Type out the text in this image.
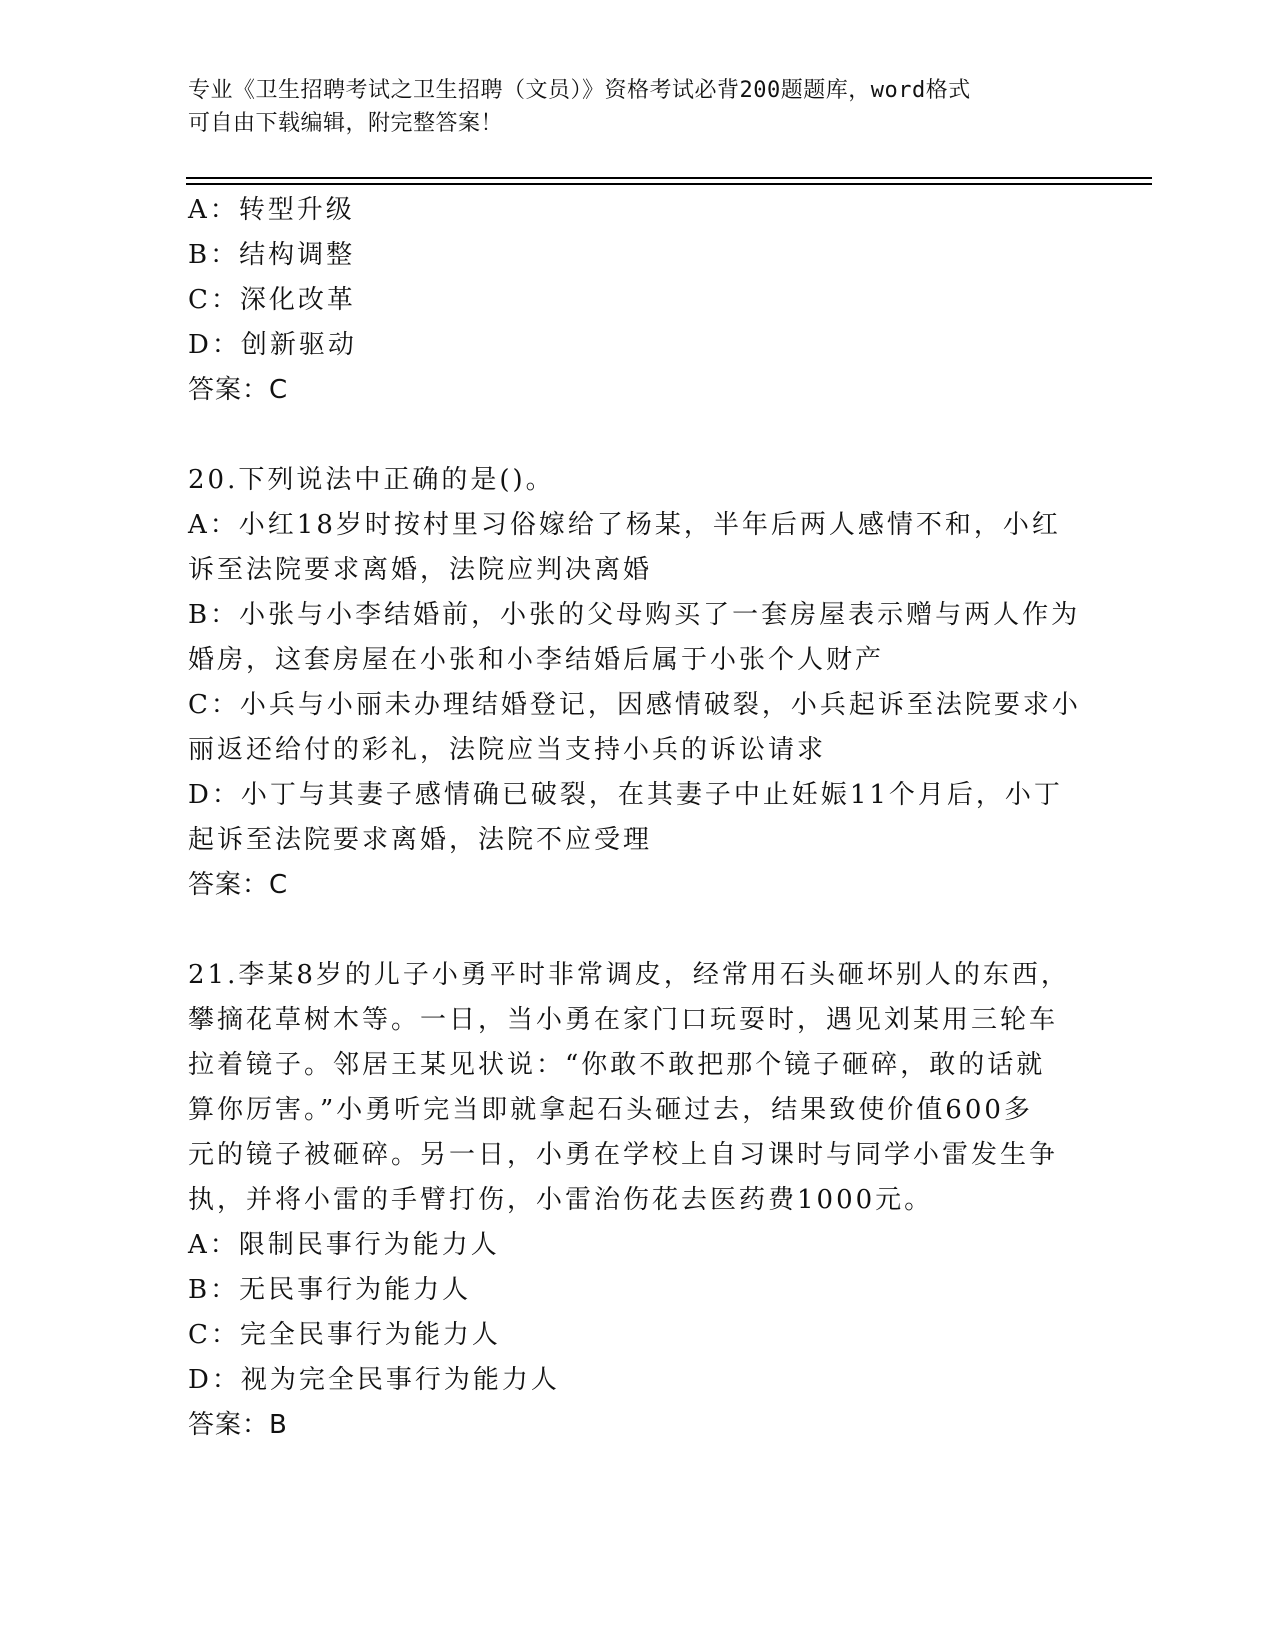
专业《卫生招聘考试之卫生招聘（文员）》资格考试必背200题题库，word格式
可自由下载编辑，附完整答案！
A：转型升级
B：结构调整
C：深化改革
D：创新驱动
答案：C
20.下列说法中正确的是()。
A：小红18岁时按村里习俗嫁给了杨某，半年后两人感情不和，小红
诉至法院要求离婚，法院应判决离婚
B：小张与小李结婚前，小张的父母购买了一套房屋表示赠与两人作为
婚房，这套房屋在小张和小李结婚后属于小张个人财产
C：小兵与小丽未办理结婚登记，因感情破裂，小兵起诉至法院要求小
丽返还给付的彩礼，法院应当支持小兵的诉讼请求
D：小丁与其妻子感情确已破裂，在其妻子中止妊娠11个月后，小丁
起诉至法院要求离婚，法院不应受理
答案：C
21.李某8岁的儿子小勇平时非常调皮，经常用石头砸坏别人的东西，
攀摘花草树木等。一日，当小勇在家门口玩耍时，遇见刘某用三轮车
拉着镜子。邻居王某见状说：“你敢不敢把那个镜子砸碎，敢的话就
算你厉害。”小勇听完当即就拿起石头砸过去，结果致使价值600多
元的镜子被砸碎。另一日，小勇在学校上自习课时与同学小雷发生争
执，并将小雷的手臂打伤，小雷治伤花去医药费1000元。
A：限制民事行为能力人
B：无民事行为能力人
C：完全民事行为能力人
D：视为完全民事行为能力人
答案：B
